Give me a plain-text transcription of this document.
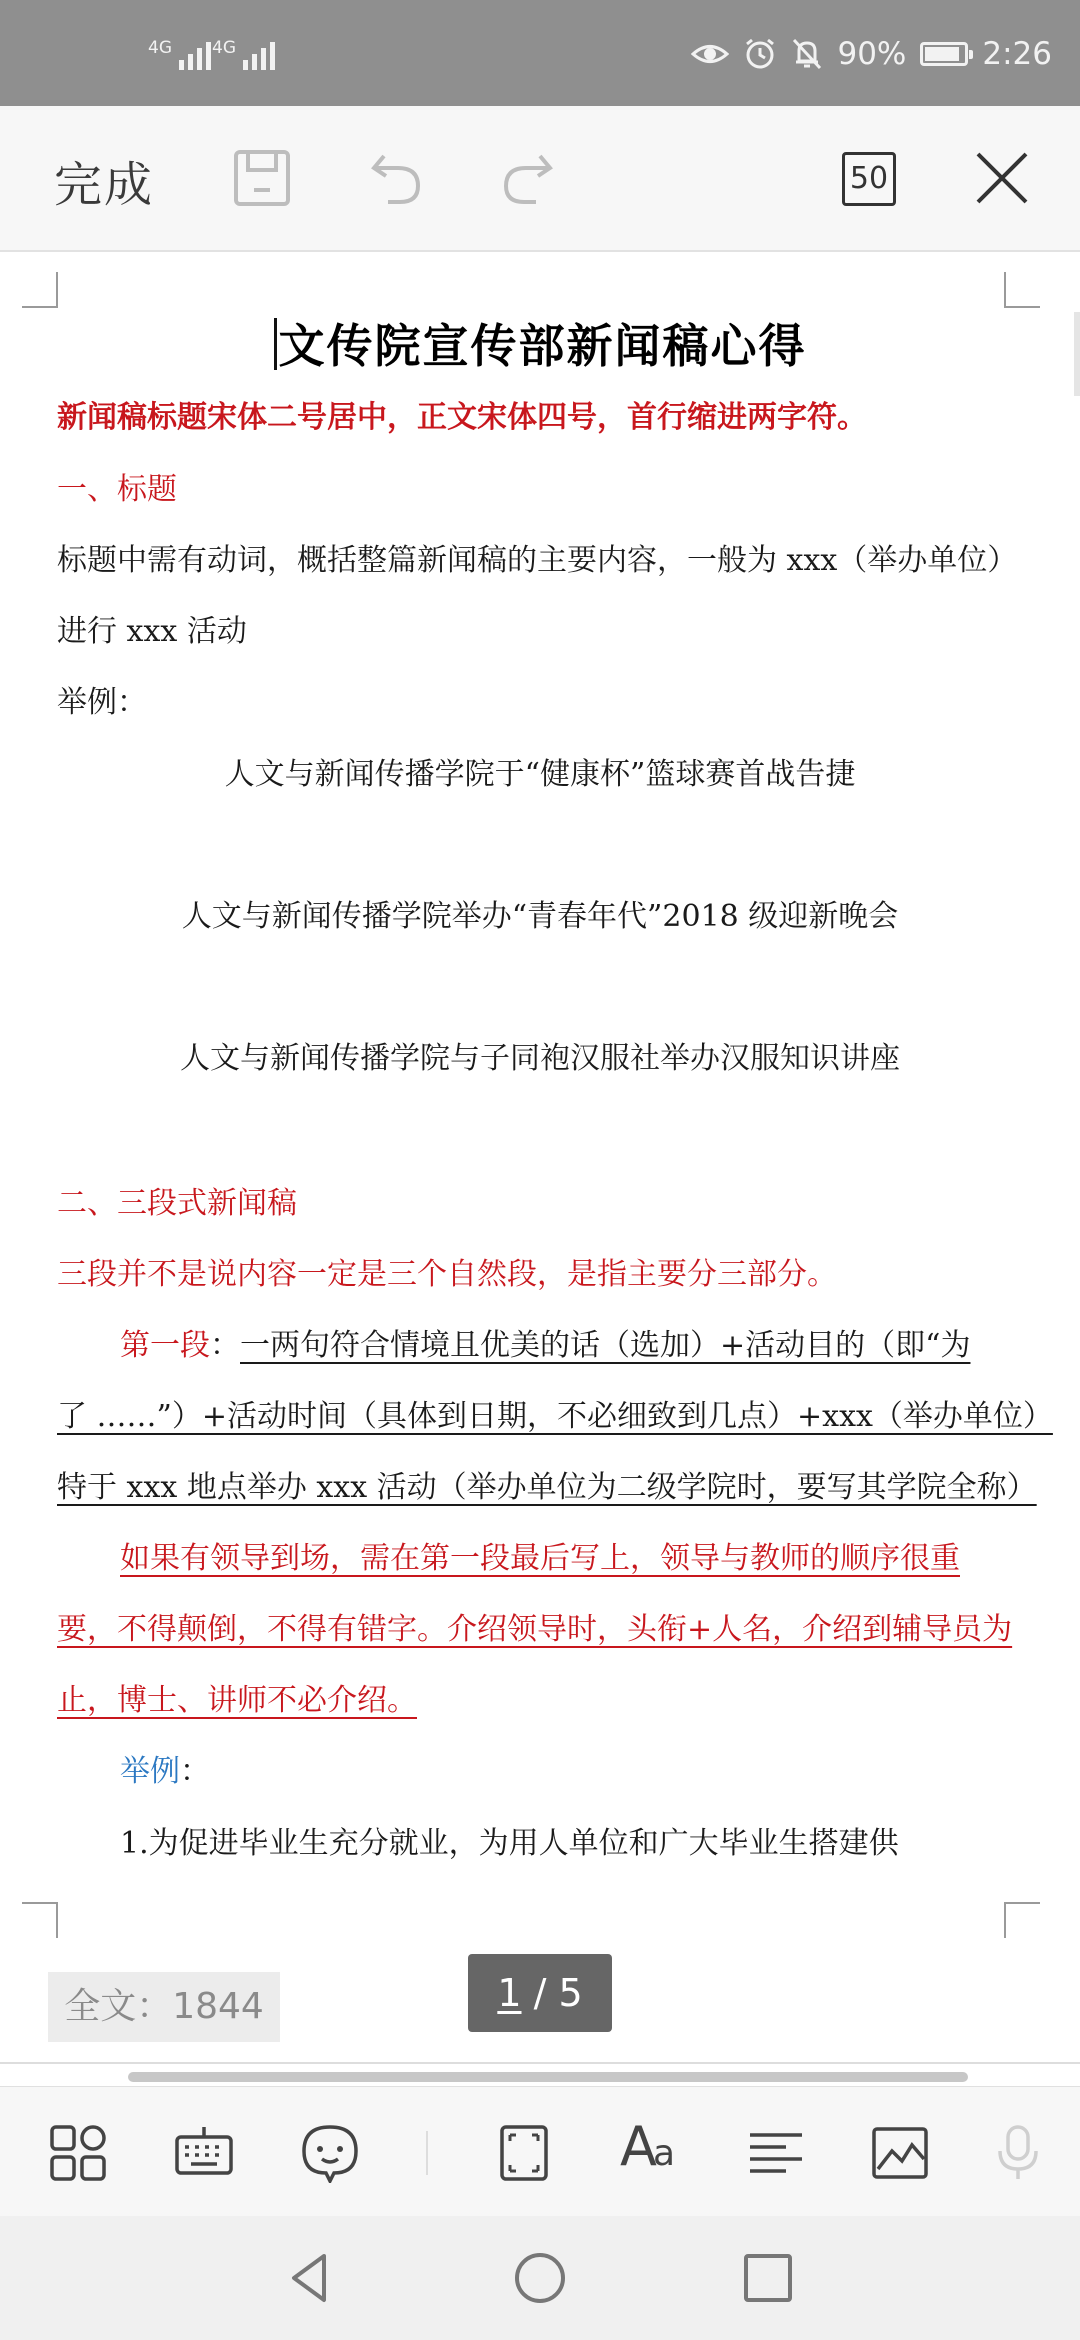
4G 4G	90% 2:26
完成	50
文传院宣传部新闻稿心得
新闻稿标题宋体二号居中，正文宋体四号，首行缩进两字符。
一、标题
标题中需有动词，概括整篇新闻稿的主要内容，一般为 xxx（举办单位）
进行 xxx 活动
举例：
人文与新闻传播学院于“健康杯”篮球赛首战告捷
人文与新闻传播学院举办“青春年代”2018 级迎新晚会
人文与新闻传播学院与子同袍汉服社举办汉服知识讲座
二、三段式新闻稿
三段并不是说内容一定是三个自然段，是指主要分三部分。
第一段：一两句符合情境且优美的话（选加）+活动目的（即“为
了 ……”）+活动时间（具体到日期，不必细致到几点）+xxx（举办单位）
特于 xxx 地点举办 xxx 活动（举办单位为二级学院时，要写其学院全称）
如果有领导到场，需在第一段最后写上，领导与教师的顺序很重
要，不得颠倒，不得有错字。介绍领导时，头衔+人名，介绍到辅导员为
止，博士、讲师不必介绍。
举例：
1.为促进毕业生充分就业，为用人单位和广大毕业生搭建供
全文：1844	1 / 5
Aa
